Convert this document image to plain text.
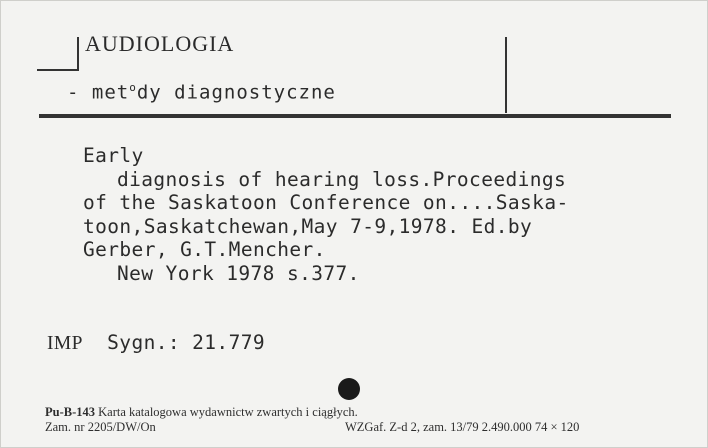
AUDIOLOGIA
- met$^o$dy diagnostyczne
Early
diagnosis of hearing loss.Proceedings
of the Saskatoon Conference on....Saska-
toon,Saskatchewan,May 7-9,1978. Ed.by
Gerber, G.T.Mencher.
New York 1978 s.377.
IMP Sygn.: 21.779
Pu-B-143 Karta katalogowa wydawnictw zwartych i ciągłych.
Zam. nr 2205/DW/On	WZGaf. Z-d 2, zam. 13/79 2.490.000 74 × 120
